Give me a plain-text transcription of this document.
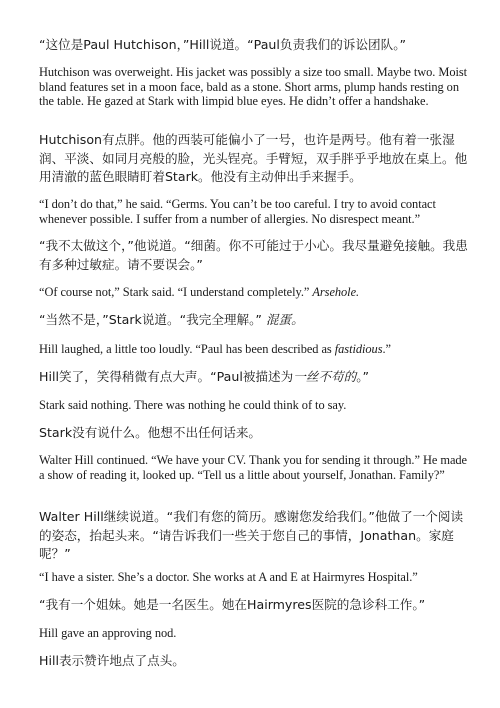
“这位是Paul Hutchison，”Hill说道。“Paul负责我们的诉讼团队。”

Hutchison was overweight. His jacket was possibly a size too small. Maybe two. Moist bland features set in a moon face, bald as a stone. Short arms, plump hands resting on the table. He gazed at Stark with limpid blue eyes. He didn’t offer a handshake.

Hutchison有点胖。他的西装可能偏小了一号，也许是两号。他有着一张湿润、平淡、如同月亮般的脸，光头锃亮。手臂短，双手胖乎乎地放在桌上。他用清澈的蓝色眼睛盯着Stark。他没有主动伸出手来握手。

“I don’t do that,” he said. “Germs. You can’t be too careful. I try to avoid contact whenever possible. I suffer from a number of allergies. No disrespect meant.”

“我不太做这个，”他说道。“细菌。你不可能过于小心。我尽量避免接触。我患有多种过敏症。请不要误会。”

“Of course not,” Stark said. “I understand completely.” Arsehole.

“当然不是，”Stark说道。“我完全理解。” 混蛋。

Hill laughed, a little too loudly. “Paul has been described as fastidious.”

Hill笑了，笑得稍微有点大声。“Paul被描述为一丝不苟的。”

Stark said nothing. There was nothing he could think of to say.

Stark没有说什么。他想不出任何话来。

Walter Hill continued. “We have your CV. Thank you for sending it through.” He made a show of reading it, looked up. “Tell us a little about yourself, Jonathan. Family?”

Walter Hill继续说道。“我们有您的简历。感谢您发给我们。”他做了一个阅读的姿态，抬起头来。“请告诉我们一些关于您自己的事情，Jonathan。家庭呢？”

“I have a sister. She’s a doctor. She works at A and E at Hairmyres Hospital.”

“我有一个姐妹。她是一名医生。她在Hairmyres医院的急诊科工作。”

Hill gave an approving nod.

Hill表示赞许地点了点头。
